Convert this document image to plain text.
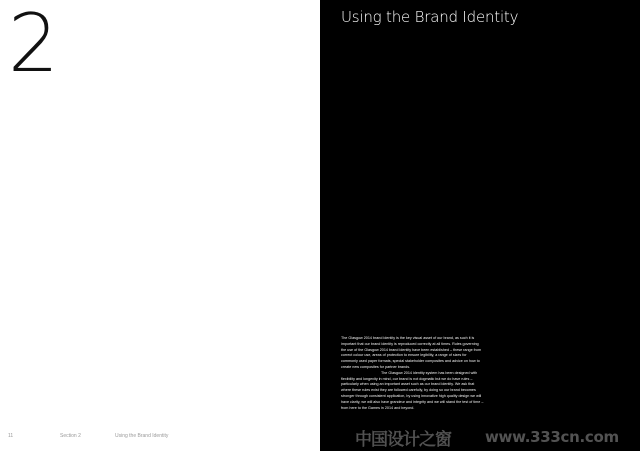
2
11	Section 2	Using the Brand Identity
Using the Brand Identity

The Glasgow 2014 brand identity is the key visual asset of our brand, as such it is important that our brand identity is reproduced correctly at all times. Rules governing the use of the Glasgow 2014 brand identity have been established – these range from correct colour use, areas of protection to ensure legibility, a range of sizes for commonly used paper formats, special stakeholder composites and advice on how to create new composites for partner brands.

The Glasgow 2014 identity system has been designed with flexibility and longevity in mind, our brand is not dogmatic but we do have rules – particularly when using an important asset such as our brand identity. We ask that where these rules exist they are followed carefully, by doing so our brand becomes stronger through consistent application, by using innovative high quality design we will have clarity, we will also have grandeur and integrity and we will stand the test of time – from here to the Games in 2014 and beyond.

中国设计之窗 www.333cn.com
